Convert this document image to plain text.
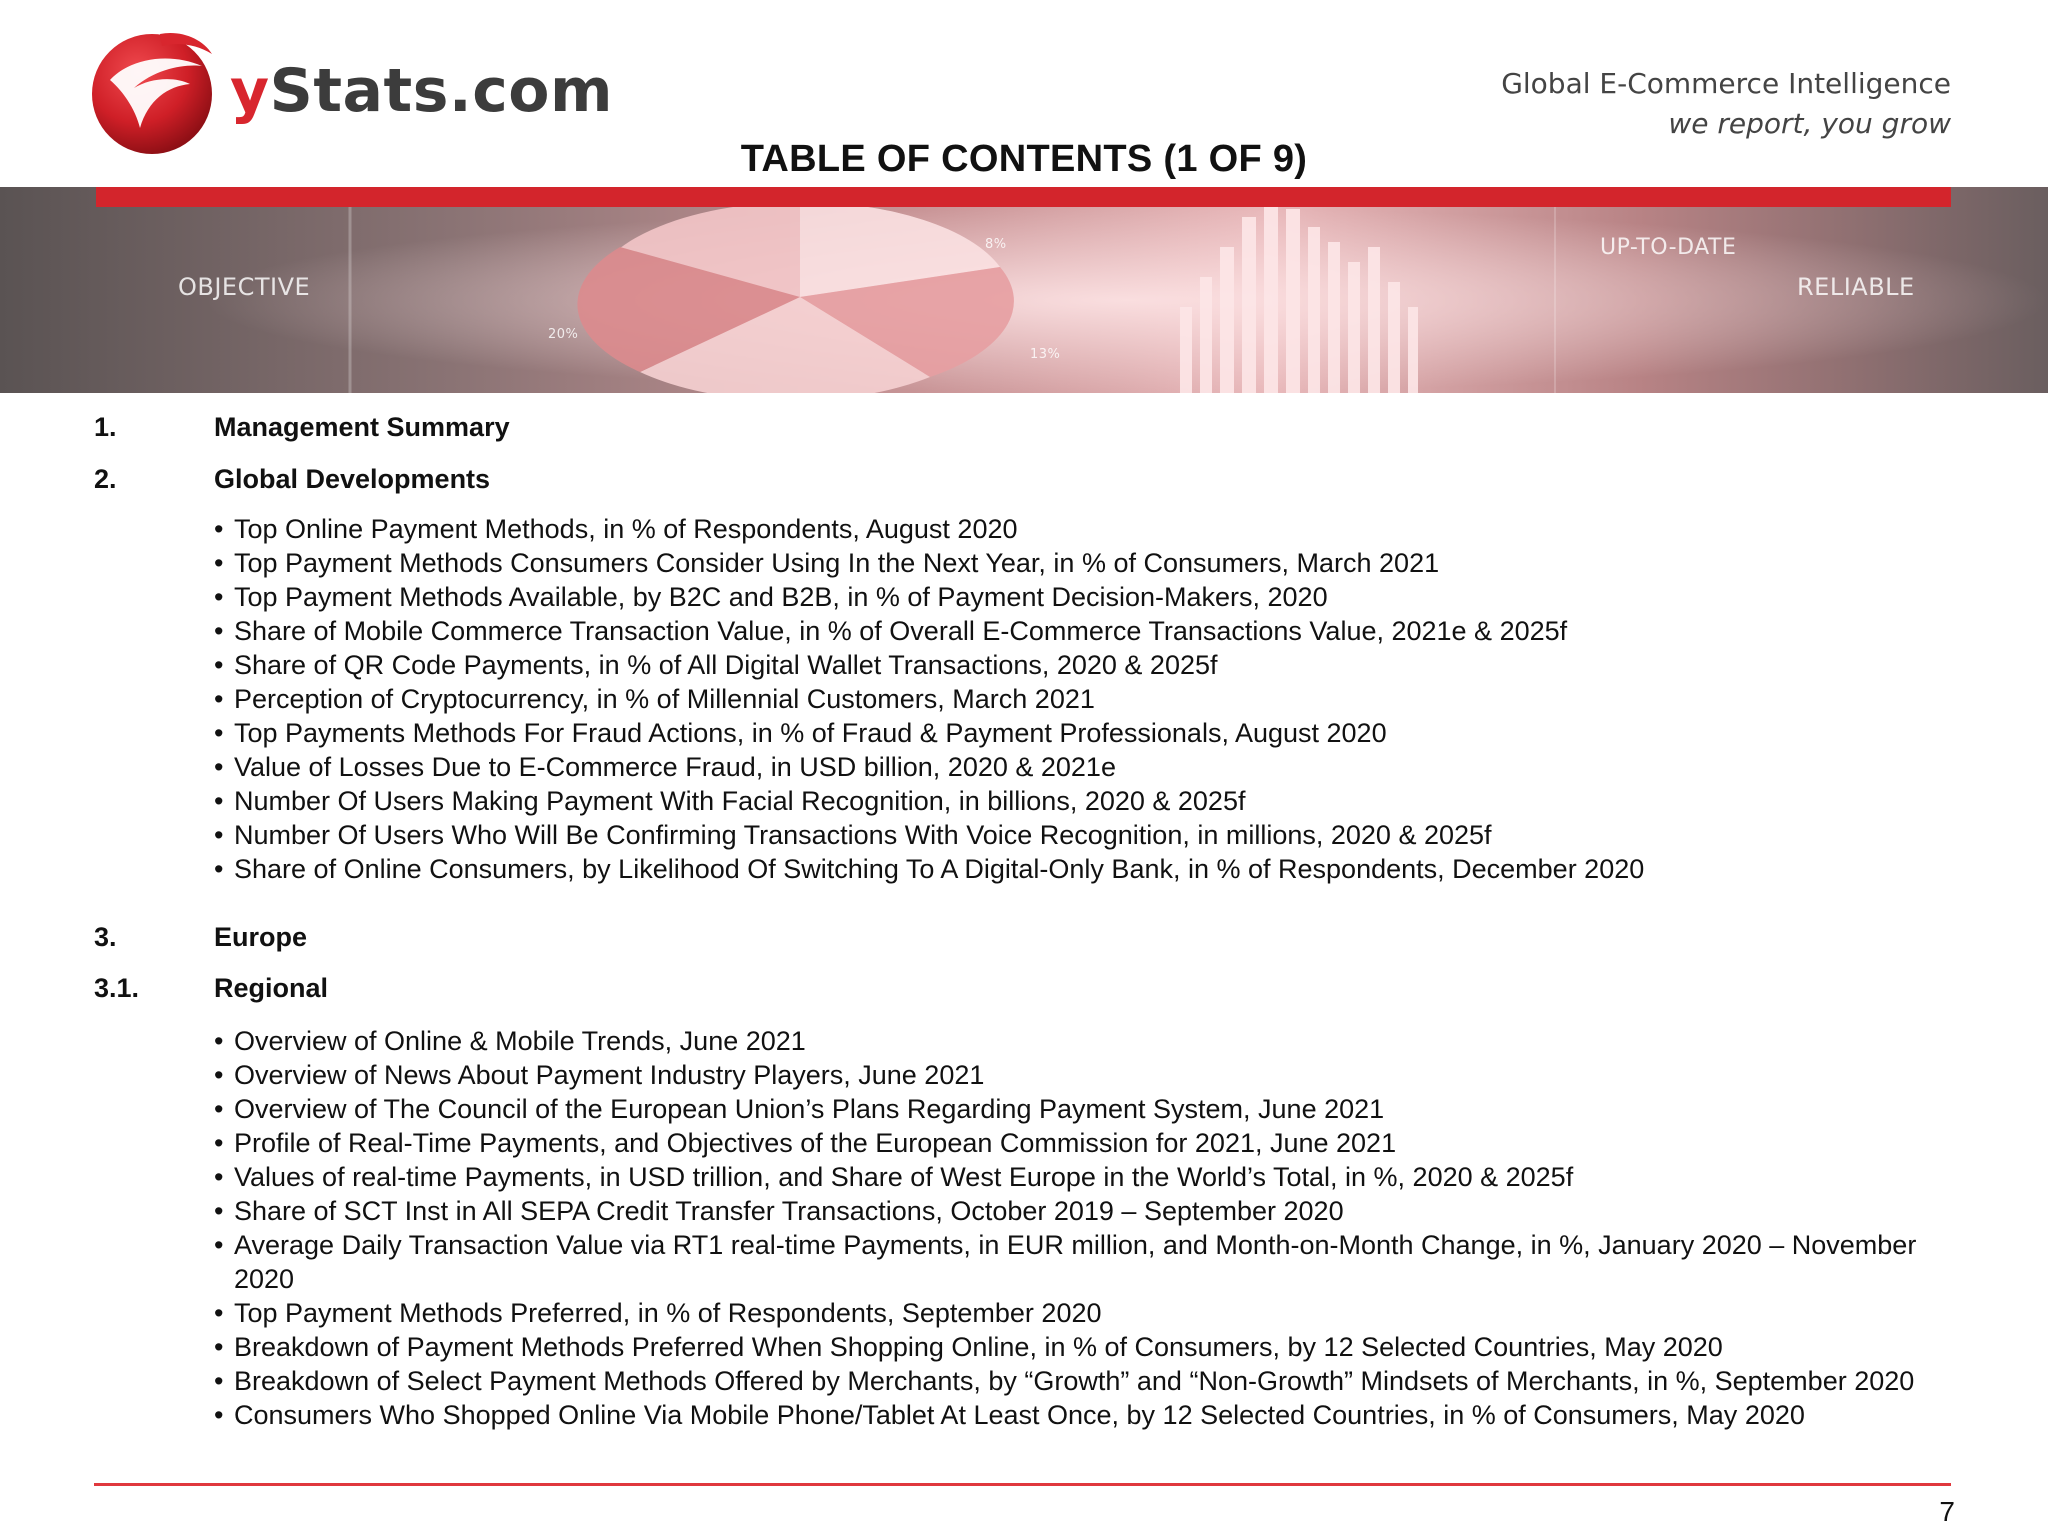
yStats.com	Global E-Commerce Intelligence
we report, you grow
TABLE OF CONTENTS (1 OF 9)
OBJECTIVE
UP-TO-DATE
RELIABLE
20%
8%
13%
1.	Management Summary
2.	Global Developments
• Top Online Payment Methods, in % of Respondents, August 2020
• Top Payment Methods Consumers Consider Using In the Next Year, in % of Consumers, March 2021
• Top Payment Methods Available, by B2C and B2B, in % of Payment Decision-Makers, 2020
• Share of Mobile Commerce Transaction Value, in % of Overall E-Commerce Transactions Value, 2021e & 2025f
• Share of QR Code Payments, in % of All Digital Wallet Transactions, 2020 & 2025f
• Perception of Cryptocurrency, in % of Millennial Customers, March 2021
• Top Payments Methods For Fraud Actions, in % of Fraud & Payment Professionals, August 2020
• Value of Losses Due to E-Commerce Fraud, in USD billion, 2020 & 2021e
• Number Of Users Making Payment With Facial Recognition, in billions, 2020 & 2025f
• Number Of Users Who Will Be Confirming Transactions With Voice Recognition, in millions, 2020 & 2025f
• Share of Online Consumers, by Likelihood Of Switching To A Digital-Only Bank, in % of Respondents, December 2020
3.	Europe
3.1.	Regional
• Overview of Online & Mobile Trends, June 2021
• Overview of News About Payment Industry Players, June 2021
• Overview of The Council of the European Union’s Plans Regarding Payment System, June 2021
• Profile of Real-Time Payments, and Objectives of the European Commission for 2021, June 2021
• Values of real-time Payments, in USD trillion, and Share of West Europe in the World’s Total, in %, 2020 & 2025f
• Share of SCT Inst in All SEPA Credit Transfer Transactions, October 2019 – September 2020
• Average Daily Transaction Value via RT1 real-time Payments, in EUR million, and Month-on-Month Change, in %, January 2020 – November 2020
• Top Payment Methods Preferred, in % of Respondents, September 2020
• Breakdown of Payment Methods Preferred When Shopping Online, in % of Consumers, by 12 Selected Countries, May 2020
• Breakdown of Select Payment Methods Offered by Merchants, by “Growth” and “Non-Growth” Mindsets of Merchants, in %, September 2020
• Consumers Who Shopped Online Via Mobile Phone/Tablet At Least Once, by 12 Selected Countries, in % of Consumers, May 2020
7
